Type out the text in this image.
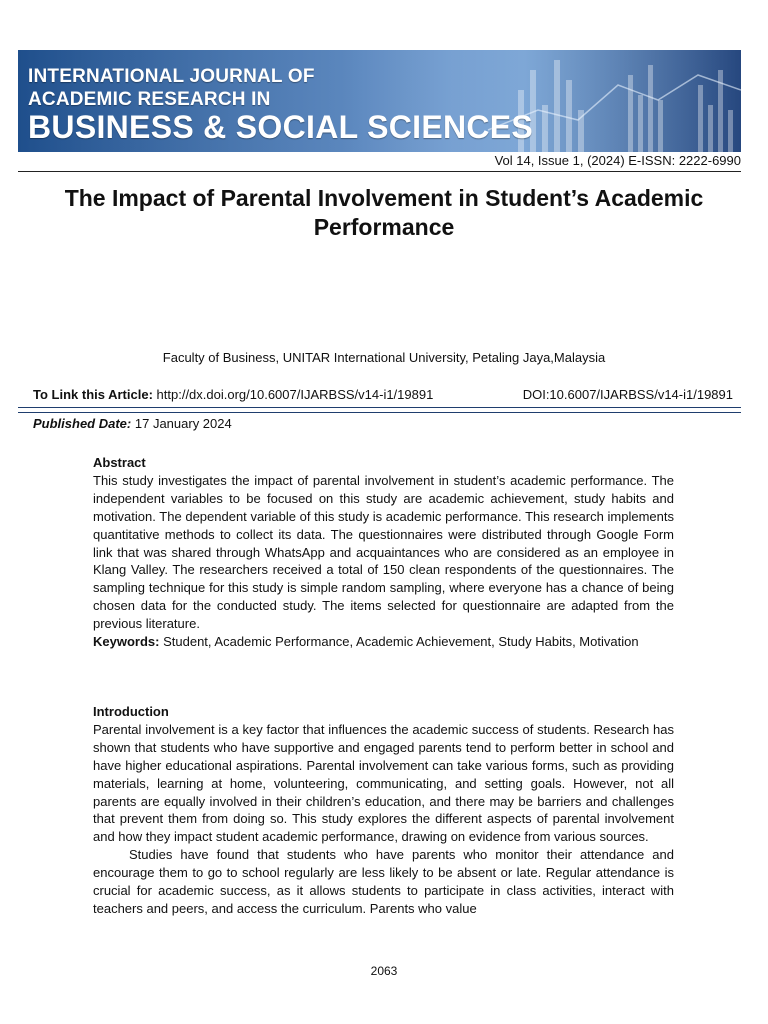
INTERNATIONAL JOURNAL OF
ACADEMIC RESEARCH IN
BUSINESS & SOCIAL SCIENCES
Vol 14, Issue 1, (2024) E-ISSN: 2222-6990
The Impact of Parental Involvement in Student’s Academic Performance
Faculty of Business, UNITAR International University, Petaling Jaya,Malaysia
To Link this Article: http://dx.doi.org/10.6007/IJARBSS/v14-i1/19891	DOI:10.6007/IJARBSS/v14-i1/19891
Published Date: 17 January 2024
Abstract

This study investigates the impact of parental involvement in student’s academic performance. The independent variables to be focused on this study are academic achievement, study habits and motivation. The dependent variable of this study is academic performance. This research implements quantitative methods to collect its data. The questionnaires were distributed through Google Form link that was shared through WhatsApp and acquaintances who are considered as an employee in Klang Valley. The researchers received a total of 150 clean respondents of the questionnaires. The sampling technique for this study is simple random sampling, where everyone has a chance of being chosen data for the conducted study. The items selected for questionnaire are adapted from the previous literature.

Keywords: Student, Academic Performance, Academic Achievement, Study Habits, Motivation

Introduction

Parental involvement is a key factor that influences the academic success of students. Research has shown that students who have supportive and engaged parents tend to perform better in school and have higher educational aspirations. Parental involvement can take various forms, such as providing materials, learning at home, volunteering, communicating, and setting goals. However, not all parents are equally involved in their children’s education, and there may be barriers and challenges that prevent them from doing so. This study explores the different aspects of parental involvement and how they impact student academic performance, drawing on evidence from various sources.

Studies have found that students who have parents who monitor their attendance and encourage them to go to school regularly are less likely to be absent or late. Regular attendance is crucial for academic success, as it allows students to participate in class activities, interact with teachers and peers, and access the curriculum. Parents who value

2063
